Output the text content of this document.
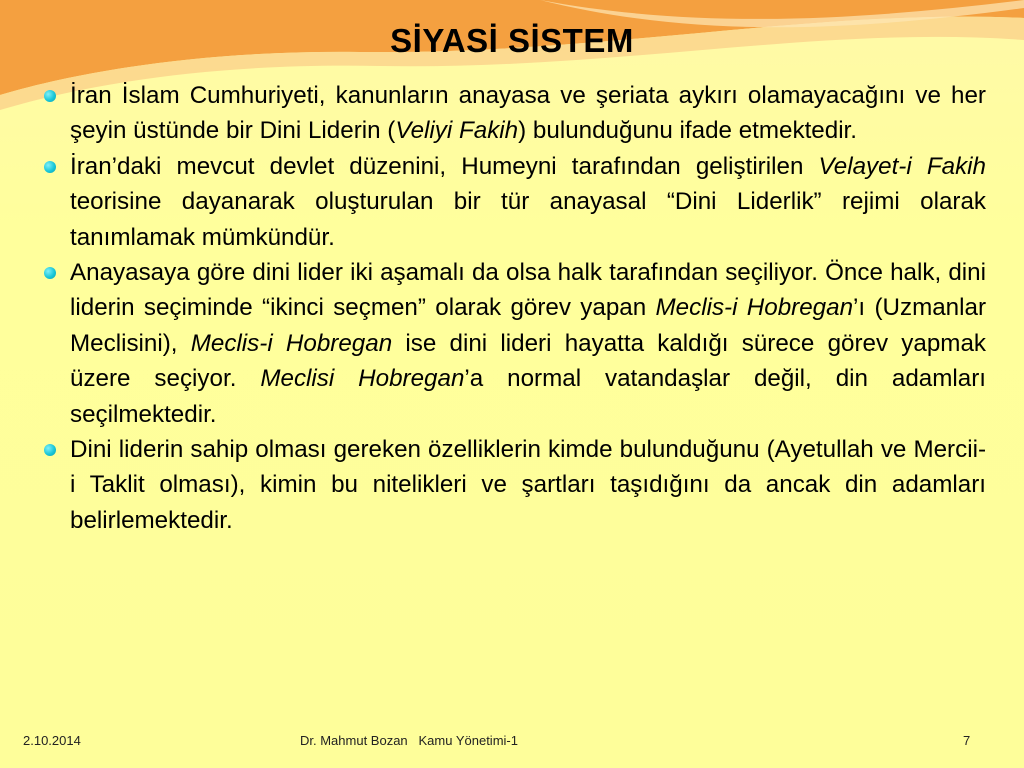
SİYASİ SİSTEM
İran İslam Cumhuriyeti, kanunların anayasa ve şeriata aykırı olamayacağını ve her şeyin üstünde bir Dini Liderin (Veliyi Fakih) bulunduğunu ifade etmektedir.
İran’daki mevcut devlet düzenini, Humeyni tarafından geliştirilen Velayet-i Fakih teorisine dayanarak oluşturulan bir tür anayasal “Dini Liderlik” rejimi olarak tanımlamak mümkündür.
Anayasaya göre dini lider iki aşamalı da olsa halk tarafından seçiliyor. Önce halk, dini liderin seçiminde “ikinci seçmen” olarak görev yapan Meclis-i Hobregan’ı (Uzmanlar Meclisini), Meclis-i Hobregan ise dini lideri hayatta kaldığı sürece görev yapmak üzere seçiyor. Meclisi Hobregan’a normal vatandaşlar değil, din adamları seçilmektedir.
Dini liderin sahip olması gereken özelliklerin kimde bulunduğunu (Ayetullah ve Mercii-i Taklit olması), kimin bu nitelikleri ve şartları taşıdığını da ancak din adamları belirlemektedir.
2.10.2014	Dr. Mahmut Bozan Kamu Yönetimi-1	7
